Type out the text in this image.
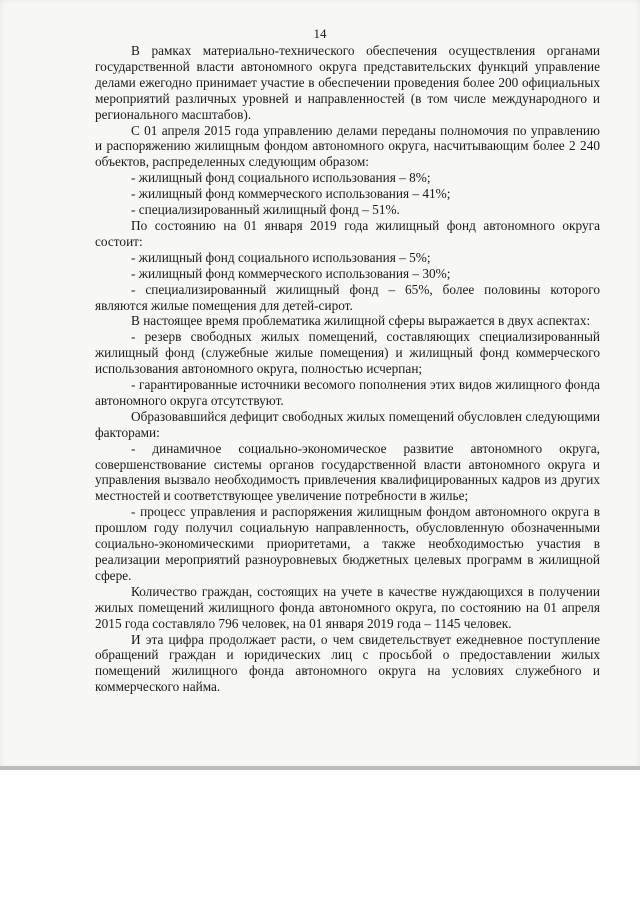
14

В рамках материально-технического обеспечения осуществления органами государственной власти автономного округа представительских функций управление делами ежегодно принимает участие в обеспечении проведения более 200 официальных мероприятий различных уровней и направленностей (в том числе международного и регионального масштабов).

С 01 апреля 2015 года управлению делами переданы полномочия по управлению и распоряжению жилищным фондом автономного округа, насчитывающим более 2 240 объектов, распределенных следующим образом:

- жилищный фонд социального использования – 8%;

- жилищный фонд коммерческого использования – 41%;

- специализированный жилищный фонд – 51%.

По состоянию на 01 января 2019 года жилищный фонд автономного округа состоит:

- жилищный фонд социального использования – 5%;

- жилищный фонд коммерческого использования – 30%;

- специализированный жилищный фонд – 65%, более половины которого являются жилые помещения для детей-сирот.

В настоящее время проблематика жилищной сферы выражается в двух аспектах:

- резерв свободных жилых помещений, составляющих специализированный жилищный фонд (служебные жилые помещения) и жилищный фонд коммерческого использования автономного округа, полностью исчерпан;

- гарантированные источники весомого пополнения этих видов жилищного фонда автономного округа отсутствуют.

Образовавшийся дефицит свободных жилых помещений обусловлен следующими факторами:

- динамичное социально-экономическое развитие автономного округа, совершенствование системы органов государственной власти автономного округа и управления вызвало необходимость привлечения квалифицированных кадров из других местностей и соответствующее увеличение потребности в жилье;

- процесс управления и распоряжения жилищным фондом автономного округа в прошлом году получил социальную направленность, обусловленную обозначенными социально-экономическими приоритетами, а также необходимостью участия в реализации мероприятий разноуровневых бюджетных целевых программ в жилищной сфере.

Количество граждан, состоящих на учете в качестве нуждающихся в получении жилых помещений жилищного фонда автономного округа, по состоянию на 01 апреля 2015 года составляло 796 человек, на 01 января 2019 года – 1145 человек.

И эта цифра продолжает расти, о чем свидетельствует ежедневное поступление обращений граждан и юридических лиц с просьбой о предоставлении жилых помещений жилищного фонда автономного округа на условиях служебного и коммерческого найма.
